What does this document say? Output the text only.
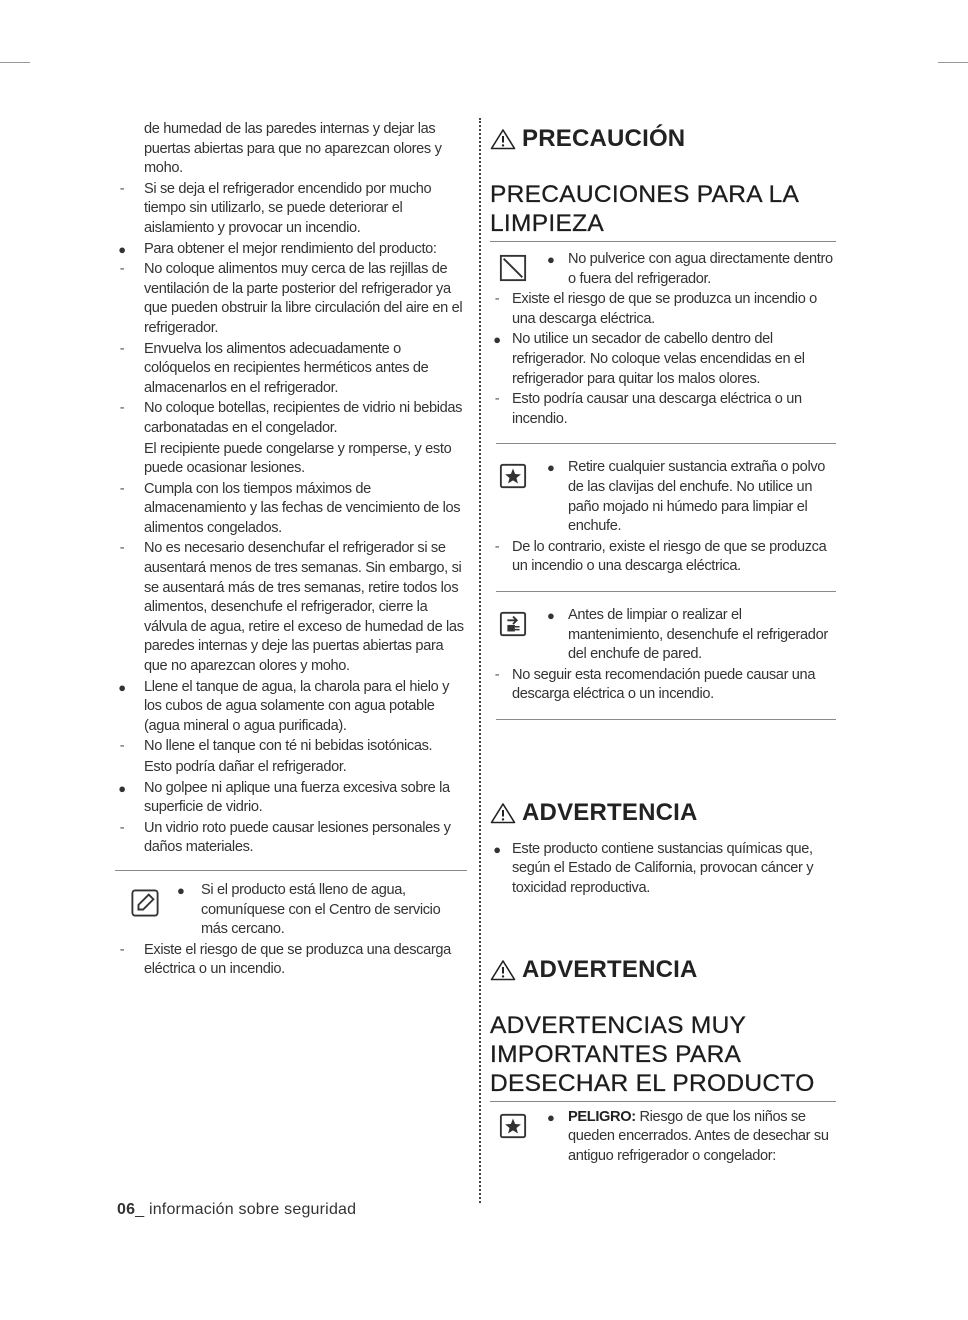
de humedad de las paredes internas y dejar las puertas abiertas para que no aparezcan olores y moho.
-	Si se deja el refrigerador encendido por mucho tiempo sin utilizarlo, se puede deteriorar el aislamiento y provocar un incendio.
● Para obtener el mejor rendimiento del producto:
-	No coloque alimentos muy cerca de las rejillas de ventilación de la parte posterior del refrigerador ya que pueden obstruir la libre circulación del aire en el refrigerador.
-	Envuelva los alimentos adecuadamente o colóquelos en recipientes herméticos antes de almacenarlos en el refrigerador.
-	No coloque botellas, recipientes de vidrio ni bebidas carbonatadas en el congelador.
El recipiente puede congelarse y romperse, y esto puede ocasionar lesiones.
-	Cumpla con los tiempos máximos de almacenamiento y las fechas de vencimiento de los alimentos congelados.
-	No es necesario desenchufar el refrigerador si se ausentará menos de tres semanas. Sin embargo, si se ausentará más de tres semanas, retire todos los alimentos, desenchufe el refrigerador, cierre la válvula de agua, retire el exceso de humedad de las paredes internas y deje las puertas abiertas para que no aparezcan olores y moho.
● Llene el tanque de agua, la charola para el hielo y los cubos de agua solamente con agua potable (agua mineral o agua purificada).
-	No llene el tanque con té ni bebidas isotónicas.
Esto podría dañar el refrigerador.
● No golpee ni aplique una fuerza excesiva sobre la superficie de vidrio.
-	Un vidrio roto puede causar lesiones personales y daños materiales.
● Si el producto está lleno de agua, comuníquese con el Centro de servicio más cercano.
-	Existe el riesgo de que se produzca una descarga eléctrica o un incendio.
PRECAUCIÓN
PRECAUCIONES PARA LA LIMPIEZA
● No pulverice con agua directamente dentro o fuera del refrigerador.
- Existe el riesgo de que se produzca un incendio o una descarga eléctrica.
● No utilice un secador de cabello dentro del refrigerador. No coloque velas encendidas en el refrigerador para quitar los malos olores.
- Esto podría causar una descarga eléctrica o un incendio.
● Retire cualquier sustancia extraña o polvo de las clavijas del enchufe. No utilice un paño mojado ni húmedo para limpiar el enchufe.
- De lo contrario, existe el riesgo de que se produzca un incendio o una descarga eléctrica.
● Antes de limpiar o realizar el mantenimiento, desenchufe el refrigerador del enchufe de pared.
- No seguir esta recomendación puede causar una descarga eléctrica o un incendio.
ADVERTENCIA
● Este producto contiene sustancias químicas que, según el Estado de California, provocan cáncer y toxicidad reproductiva.
ADVERTENCIA
ADVERTENCIAS MUY IMPORTANTES PARA DESECHAR EL PRODUCTO
● PELIGRO: Riesgo de que los niños se queden encerrados. Antes de desechar su antiguo refrigerador o congelador:
06_ información sobre seguridad
